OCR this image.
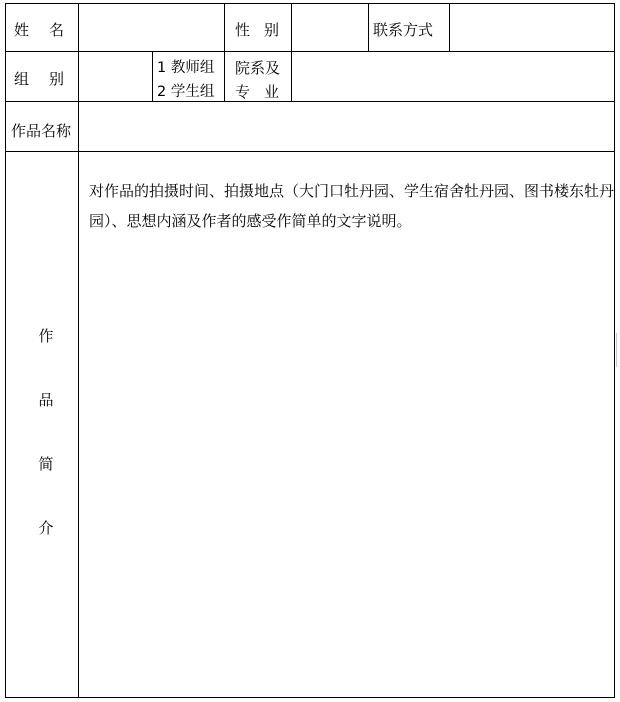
姓 名	性 别	联系方式
组 别
1 教师组
2 学生组
院系及
专 业
作品名称
作
品
简
介
对作品的拍摄时间、拍摄地点（大门口牡丹园、学生宿舍牡丹园、图书楼东牡丹园）、思想内涵及作者的感受作简单的文字说明。
